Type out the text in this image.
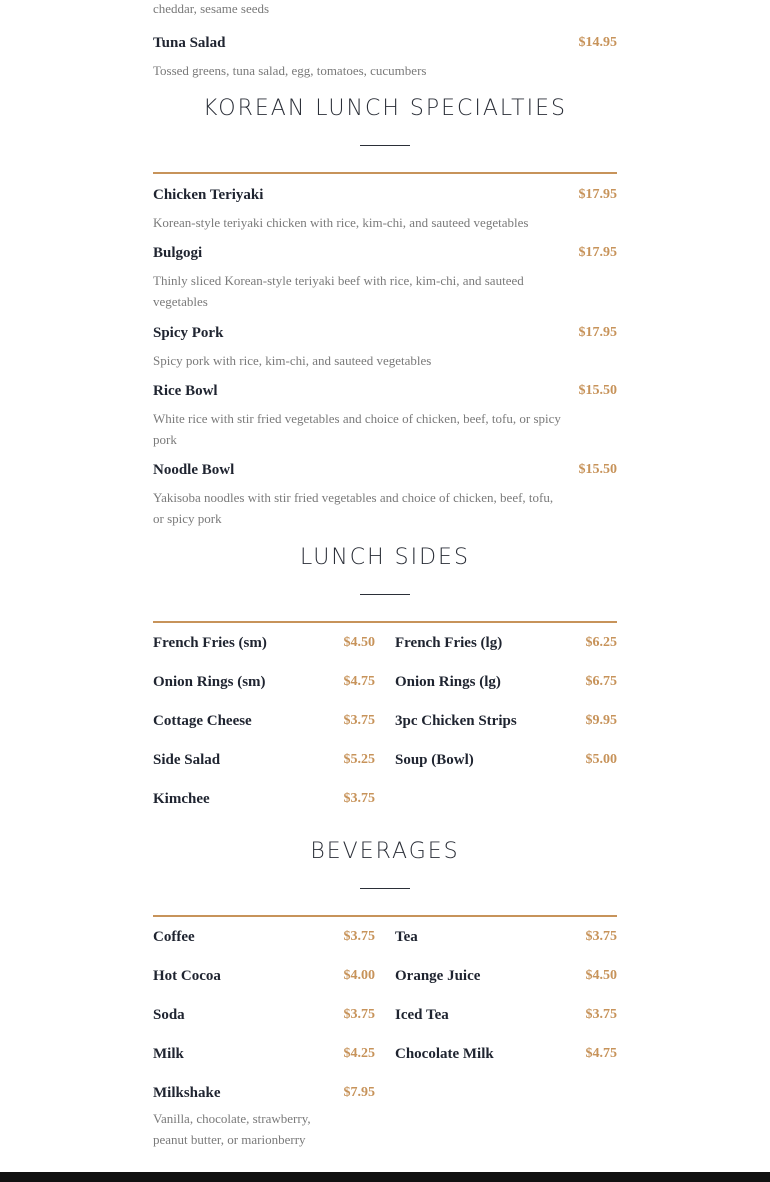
cheddar, sesame seeds
Tuna Salad	$14.95
Tossed greens, tuna salad, egg, tomatoes, cucumbers
KOREAN LUNCH SPECIALTIES
Chicken Teriyaki	$17.95
Korean-style teriyaki chicken with rice, kim-chi, and sauteed vegetables
Bulgogi	$17.95
Thinly sliced Korean-style teriyaki beef with rice, kim-chi, and sauteed vegetables
Spicy Pork	$17.95
Spicy pork with rice, kim-chi, and sauteed vegetables
Rice Bowl	$15.50
White rice with stir fried vegetables and choice of chicken, beef, tofu, or spicy pork
Noodle Bowl	$15.50
Yakisoba noodles with stir fried vegetables and choice of chicken, beef, tofu, or spicy pork
LUNCH SIDES
French Fries (sm)	$4.50 French Fries (lg)	$6.25
Onion Rings (sm)	$4.75 Onion Rings (lg)	$6.75
Cottage Cheese	$3.75 3pc Chicken Strips	$9.95
Side Salad	$5.25 Soup (Bowl)	$5.00
Kimchee	$3.75
BEVERAGES
Coffee	$3.75 Tea	$3.75
Hot Cocoa	$4.00 Orange Juice	$4.50
Soda	$3.75 Iced Tea	$3.75
Milk	$4.25 Chocolate Milk	$4.75
Milkshake	$7.95
Vanilla, chocolate, strawberry, peanut butter, or marionberry
